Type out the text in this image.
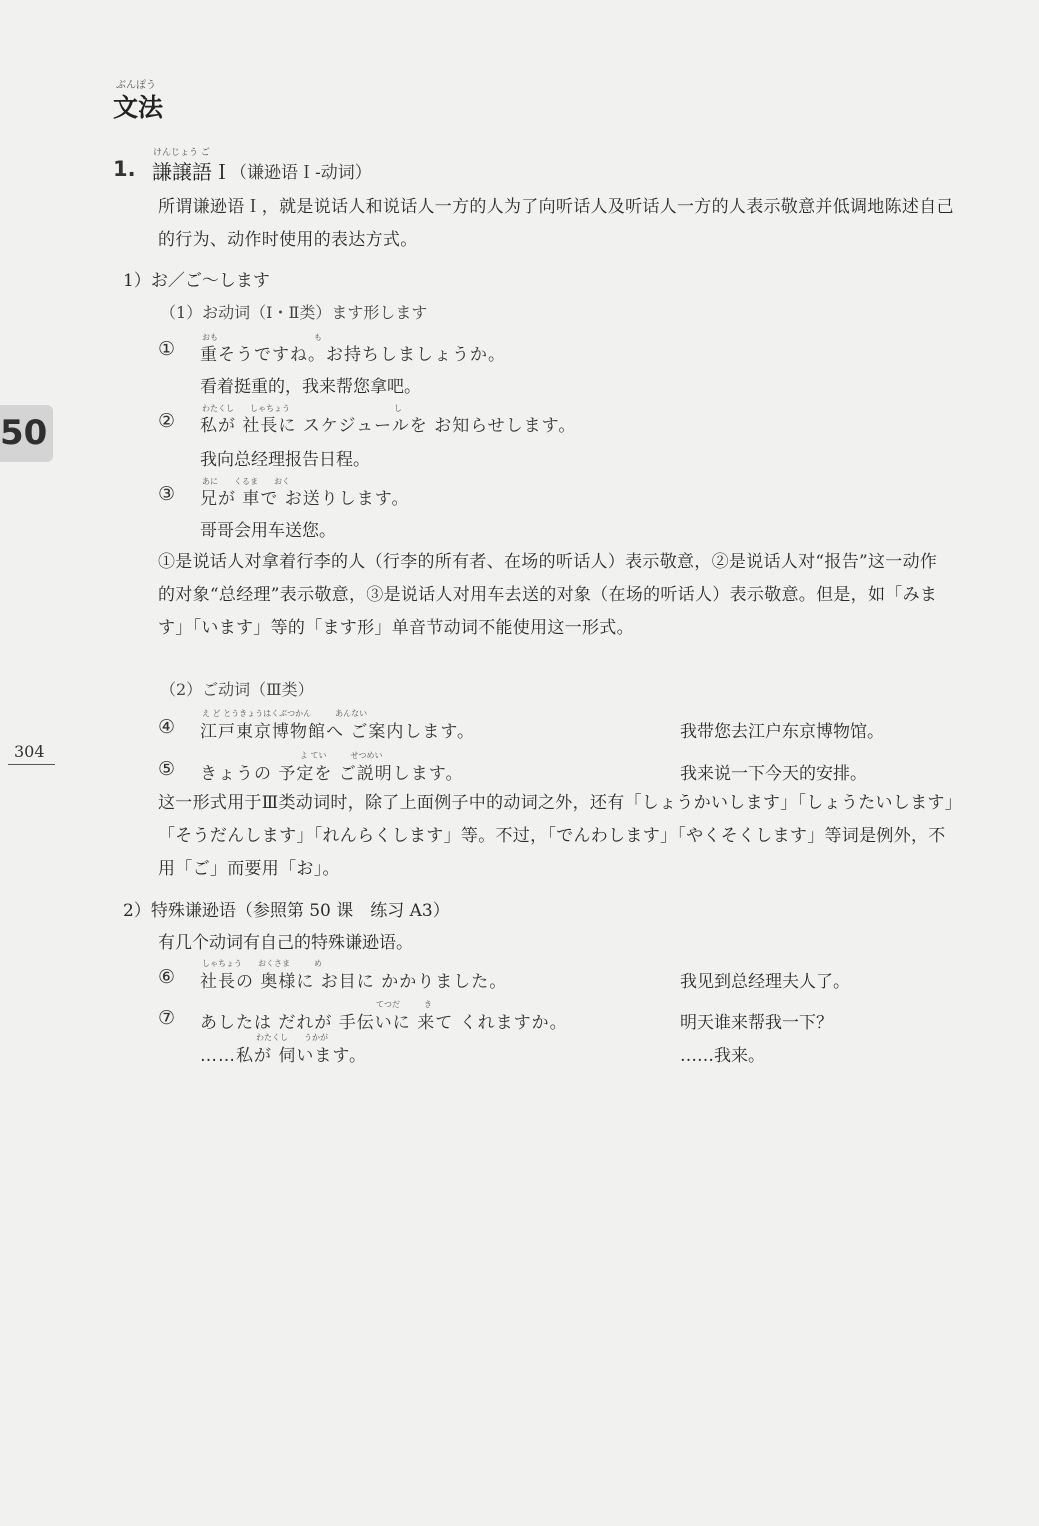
ぶんぽう
文法
1.
けんじょう ご
謙譲語Ｉ
（谦逊语Ｉ-动词）
所谓谦逊语Ｉ，就是说话人和说话人一方的人为了向听话人及听话人一方的人表示敬意并低调地陈述自己的行为、动作时使用的表达方式。
1）お／ご～します
（1）お动词（Ⅰ・Ⅱ类）ます形します
①
おも　　　　　　　　　　　　も
重そうですね。お持ちしましょうか。
看着挺重的，我来帮您拿吧。
②
わたくし　　しゃちょう　　　　　　　　　　　　　し
私が 社長に スケジュールを お知らせします。
我向总经理报告日程。
③
あに　　くるま　　おく
兄が 車で お送りします。
哥哥会用车送您。
①是说话人对拿着行李的人（行李的所有者、在场的听话人）表示敬意，②是说话人对“报告”这一动作的对象“总经理”表示敬意，③是说话人对用车去送的对象（在场的听话人）表示敬意。但是，如「みます」「います」等的「ます形」单音节动词不能使用这一形式。
（2）ご动词（Ⅲ类）
④
え ど とうきょうはくぶつかん　　　あんない
江戸東京博物館へ ご案内します。	我带您去江户东京博物馆。
⑤
よ てい　　　せつめい
きょうの 予定を ご説明します。	我来说一下今天的安排。
这一形式用于Ⅲ类动词时，除了上面例子中的动词之外，还有「しょうかいします」「しょうたいします」「そうだんします」「れんらくします」等。不过，「でんわします」「やくそくします」等词是例外，不用「ご」而要用「お」。
2）特殊谦逊语（参照第 50 课　练习 A3）
有几个动词有自己的特殊谦逊语。
⑥
しゃちょう　　おくさま　　　め
社長の 奥様に お目に かかりました。	我见到总经理夫人了。
⑦
てつだ　　　き
あしたは だれが 手伝いに 来て くれますか。	明天谁来帮我一下？
わたくし　　うかが
……私が 伺います。	……我来。
50
304
